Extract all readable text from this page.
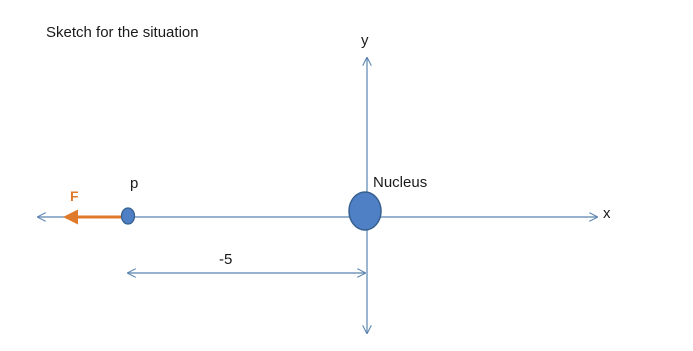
Sketch for the situation	y
x
Nucleus
p
-5
F
